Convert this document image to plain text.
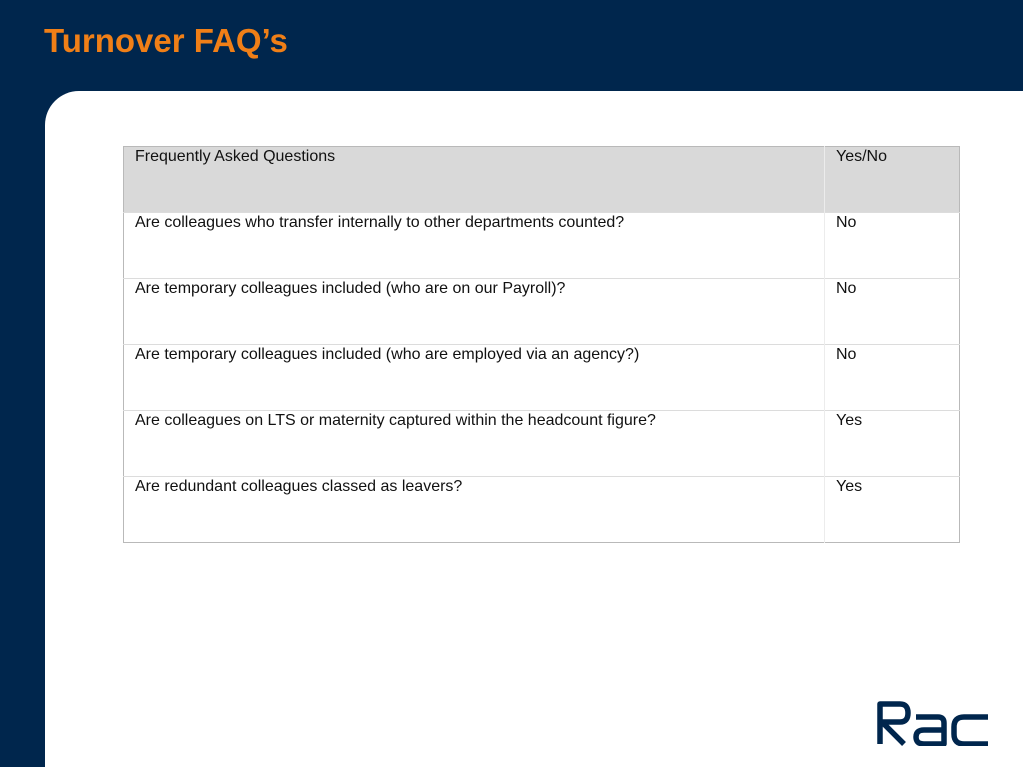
Turnover FAQ’s
Frequently Asked Questions	Yes/No

Are colleagues who transfer internally to other departments counted?	No

Are temporary colleagues included (who are on our Payroll)?	No

Are temporary colleagues included (who are employed via an agency?)	No

Are colleagues on LTS or maternity captured within the headcount figure?	Yes

Are redundant colleagues classed as leavers?	Yes
